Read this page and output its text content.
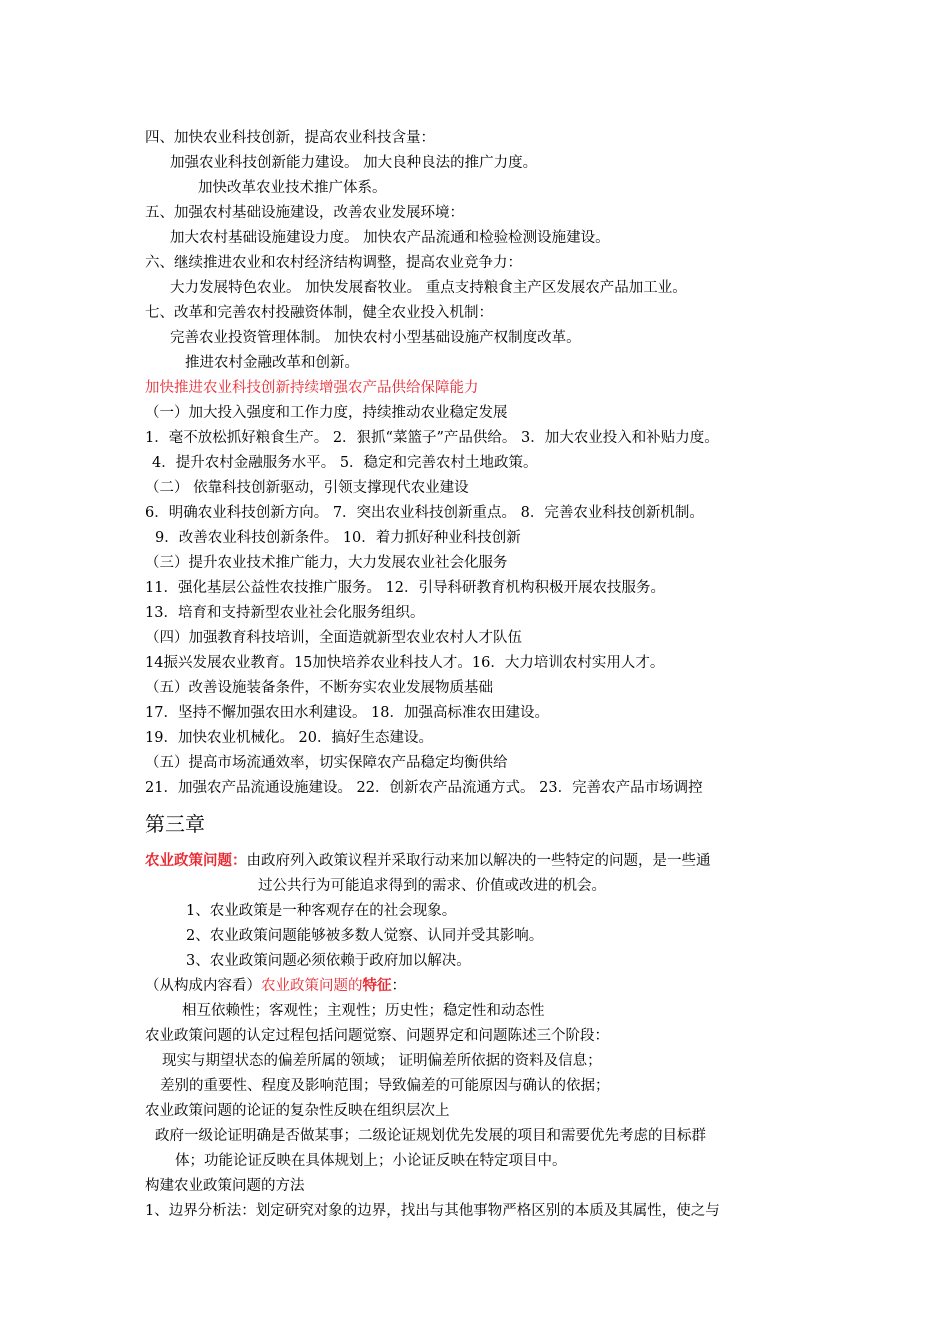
四、加快农业科技创新，提高农业科技含量：
加强农业科技创新能力建设。 加大良种良法的推广力度。
加快改革农业技术推广体系。
五、加强农村基础设施建设，改善农业发展环境：
加大农村基础设施建设力度。 加快农产品流通和检验检测设施建设。
六、继续推进农业和农村经济结构调整，提高农业竞争力：
大力发展特色农业。 加快发展畜牧业。 重点支持粮食主产区发展农产品加工业。
七、改革和完善农村投融资体制，健全农业投入机制：
完善农业投资管理体制。 加快农村小型基础设施产权制度改革。
推进农村金融改革和创新。
加快推进农业科技创新持续增强农产品供给保障能力
（一）加大投入强度和工作力度，持续推动农业稳定发展
1．毫不放松抓好粮食生产。 2．狠抓“菜篮子”产品供给。 3．加大农业投入和补贴力度。
4．提升农村金融服务水平。 5．稳定和完善农村土地政策。
（二） 依靠科技创新驱动，引领支撑现代农业建设
6．明确农业科技创新方向。 7．突出农业科技创新重点。 8．完善农业科技创新机制。
9．改善农业科技创新条件。 10．着力抓好种业科技创新
（三）提升农业技术推广能力，大力发展农业社会化服务
11．强化基层公益性农技推广服务。 12．引导科研教育机构积极开展农技服务。
13．培育和支持新型农业社会化服务组织。
（四）加强教育科技培训，全面造就新型农业农村人才队伍
14振兴发展农业教育。15加快培养农业科技人才。16．大力培训农村实用人才。
（五）改善设施装备条件，不断夯实农业发展物质基础
17．坚持不懈加强农田水利建设。 18．加强高标准农田建设。
19．加快农业机械化。 20．搞好生态建设。
（五）提高市场流通效率，切实保障农产品稳定均衡供给
21．加强农产品流通设施建设。 22．创新农产品流通方式。 23．完善农产品市场调控
第三章
农业政策问题：由政府列入政策议程并采取行动来加以解决的一些特定的问题，是一些通
过公共行为可能追求得到的需求、价值或改进的机会。
1、农业政策是一种客观存在的社会现象。
2、农业政策问题能够被多数人觉察、认同并受其影响。
3、农业政策问题必须依赖于政府加以解决。
（从构成内容看）农业政策问题的特征：
相互依赖性；客观性；主观性；历史性；稳定性和动态性
农业政策问题的认定过程包括问题觉察、问题界定和问题陈述三个阶段：
现实与期望状态的偏差所属的领域； 证明偏差所依据的资料及信息；
差别的重要性、程度及影响范围；导致偏差的可能原因与确认的依据；
农业政策问题的论证的复杂性反映在组织层次上
政府一级论证明确是否做某事；二级论证规划优先发展的项目和需要优先考虑的目标群
体；功能论证反映在具体规划上；小论证反映在特定项目中。
构建农业政策问题的方法
1、边界分析法：划定研究对象的边界，找出与其他事物严格区别的本质及其属性，使之与
